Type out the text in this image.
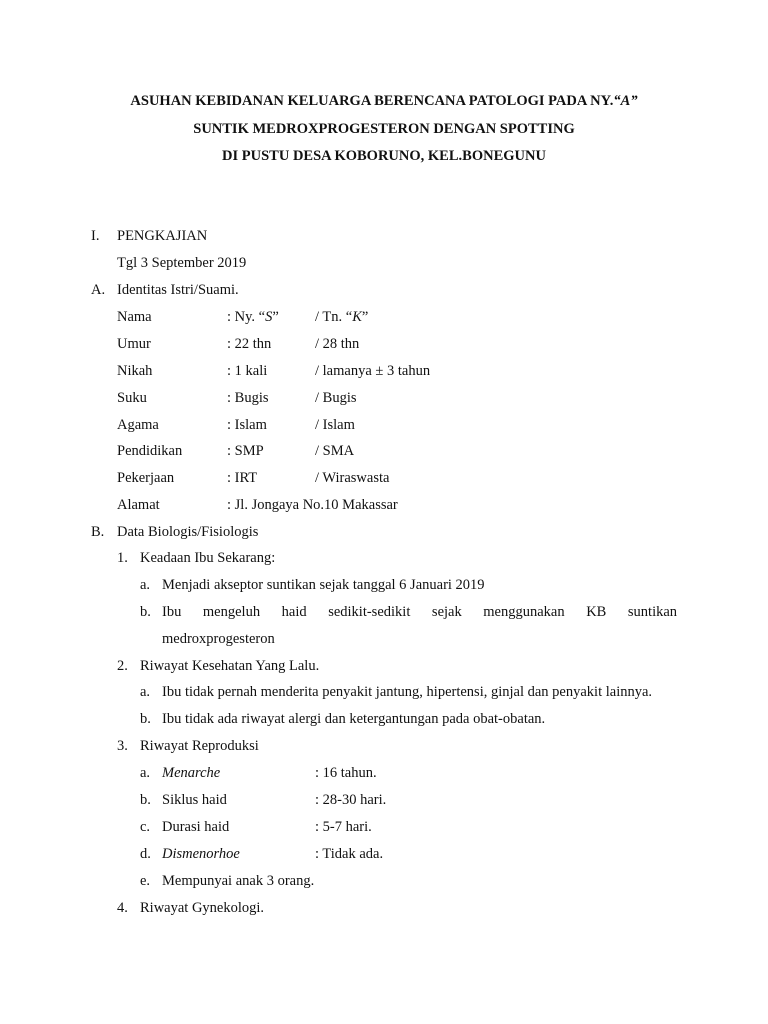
ASUHAN KEBIDANAN KELUARGA BERENCANA PATOLOGI PADA NY.“A”
SUNTIK MEDROXPROGESTERON DENGAN SPOTTING
DI PUSTU DESA KOBORUNO, KEL.BONEGUNU
I. PENGKAJIAN
Tgl 3 September 2019
A. Identitas Istri/Suami.
Nama	: Ny. “S” / Tn. “K”
Umur	: 22 thn	/ 28 thn
Nikah	: 1 kali	/ lamanya ± 3 tahun
Suku	: Bugis	/ Bugis
Agama	: Islam	/ Islam
Pendidikan	: SMP	/ SMA
Pekerjaan	: IRT	/ Wiraswasta
Alamat	: Jl. Jongaya No.10 Makassar
B. Data Biologis/Fisiologis
1. Keadaan Ibu Sekarang:
a. Menjadi akseptor suntikan sejak tanggal 6 Januari 2019
b. Ibu mengeluh haid sedikit-sedikit sejak menggunakan KB suntikan
medroxprogesteron
2. Riwayat Kesehatan Yang Lalu.
a. Ibu tidak pernah menderita penyakit jantung, hipertensi, ginjal dan penyakit lainnya.
b. Ibu tidak ada riwayat alergi dan ketergantungan pada obat-obatan.
3. Riwayat Reproduksi
a. Menarche	: 16 tahun.
b. Siklus haid	: 28-30 hari.
c. Durasi haid	: 5-7 hari.
d. Dismenorhoe	: Tidak ada.
e. Mempunyai anak 3 orang.
4. Riwayat Gynekologi.
